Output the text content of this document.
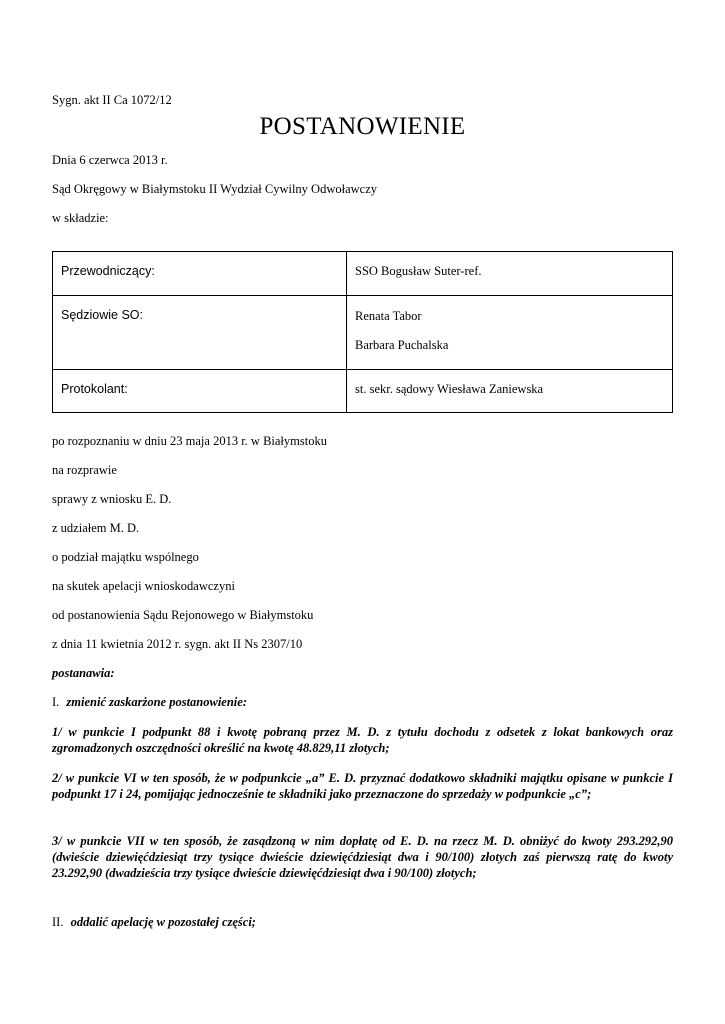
Sygn. akt II Ca 1072/12

POSTANOWIENIE

Dnia 6 czerwca 2013 r.

Sąd Okręgowy w Białymstoku II Wydział Cywilny Odwoławczy

w składzie:

Przewodniczący:	SSO Bogusław Suter-ref.
Sędziowie SO:	Renata Tabor
Barbara Puchalska

Protokolant:	st. sekr. sądowy Wiesława Zaniewska

po rozpoznaniu w dniu 23 maja 2013 r. w Białymstoku

na rozprawie

sprawy z wniosku E. D.

z udziałem M. D.

o podział majątku wspólnego

na skutek apelacji wnioskodawczyni

od postanowienia Sądu Rejonowego w Białymstoku

z dnia 11 kwietnia 2012 r. sygn. akt II Ns 2307/10

postanawia:

I. zmienić zaskarżone postanowienie:

1/ w punkcie I podpunkt 88 i kwotę pobraną przez M. D. z tytułu dochodu z odsetek z lokat bankowych oraz zgromadzonych oszczędności określić na kwotę 48.829,11 złotych;

2/ w punkcie VI w ten sposób, że w podpunkcie „a” E. D. przyznać dodatkowo składniki majątku opisane w punkcie I podpunkt 17 i 24, pomijając jednocześnie te składniki jako przeznaczone do sprzedaży w podpunkcie „c”;

3/ w punkcie VII w ten sposób, że zasądzoną w nim dopłatę od E. D. na rzecz M. D. obniżyć do kwoty 293.292,90 (dwieście dziewięćdziesiąt trzy tysiące dwieście dziewięćdziesiąt dwa i 90/100) złotych zaś pierwszą ratę do kwoty 23.292,90 (dwadzieścia trzy tysiące dwieście dziewięćdziesiąt dwa i 90/100) złotych;

II. oddalić apelację w pozostałej części;
